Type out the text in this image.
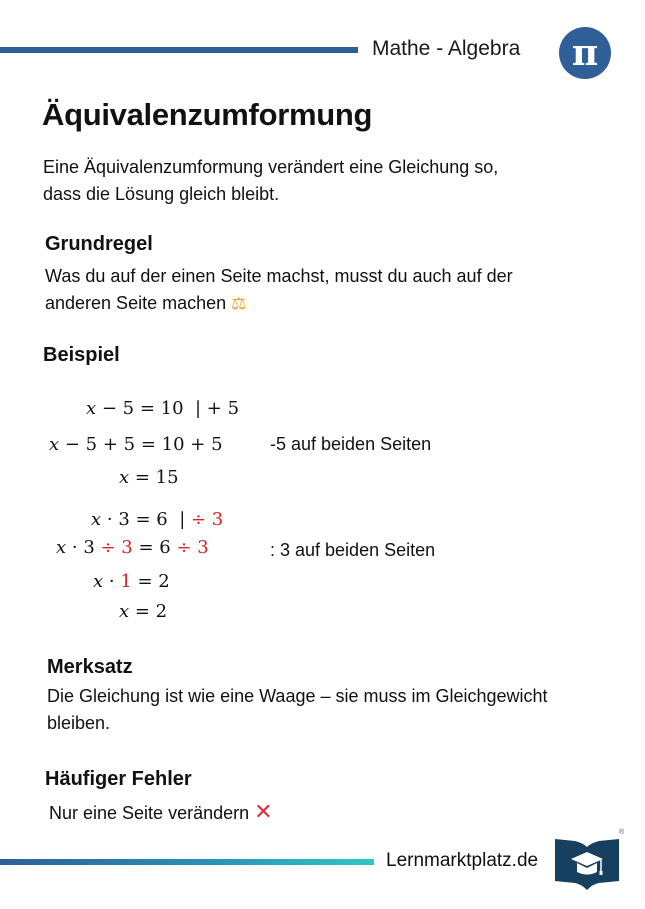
Mathe - Algebra π
Äquivalenzumformung
Eine Äquivalenzumformung verändert eine Gleichung so,
dass die Lösung gleich bleibt.
Grundregel
Was du auf der einen Seite machst, musst du auch auf der
anderen Seite machen ⚖
Beispiel
x − 5 = 10  | + 5
x − 5 + 5 = 10 + 5
x = 15
-5 auf beiden Seiten
x · 3 = 6  | ÷ 3
x · 3 ÷ 3 = 6 ÷ 3
x · 1 = 2
x = 2
: 3 auf beiden Seiten
Merksatz
Die Gleichung ist wie eine Waage – sie muss im Gleichgewicht
bleiben.
Häufiger Fehler
Nur eine Seite verändern ✕
Lernmarktplatz.de
®
